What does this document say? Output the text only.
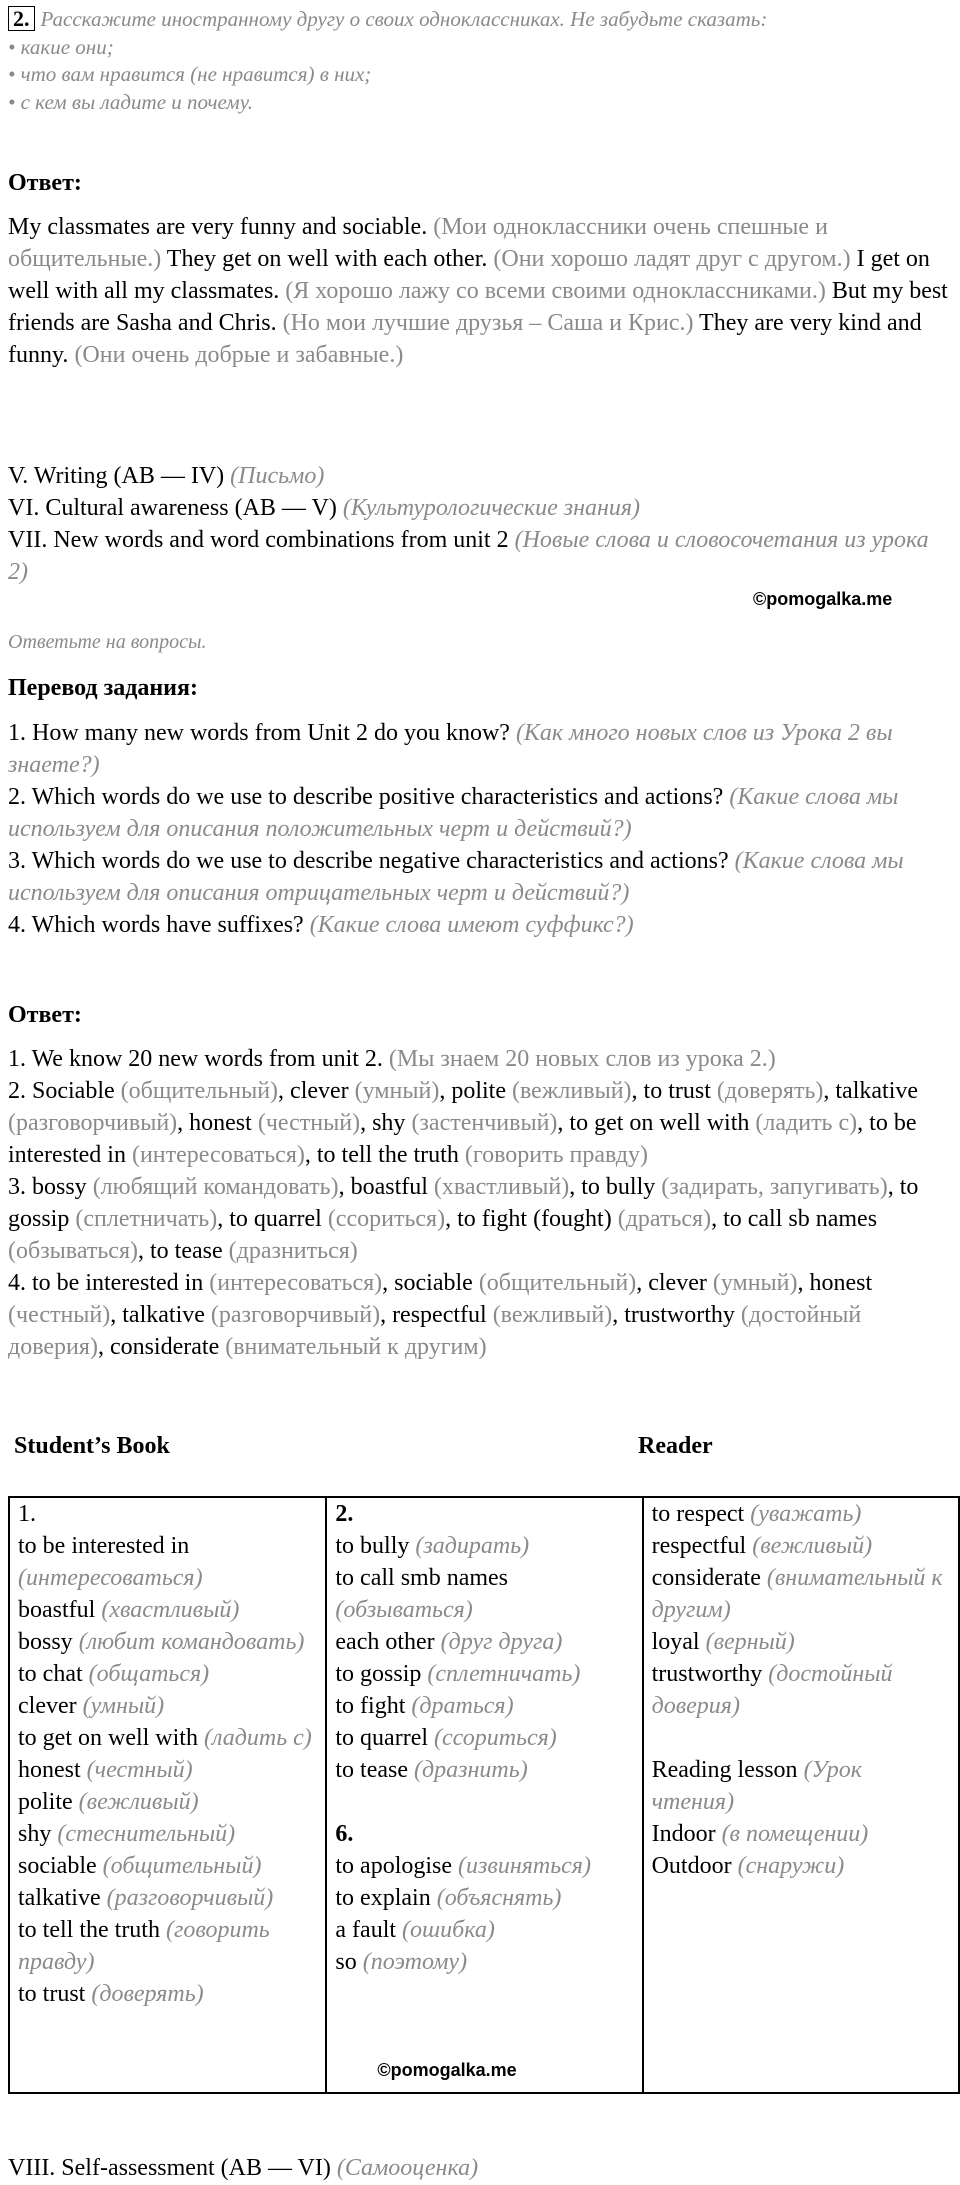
2. Расскажите иностранному другу о своих одноклассниках. Не забудьте сказать:
• какие они;
• что вам нравится (не нравится) в них;
• с кем вы ладите и почему.
Ответ:
My classmates are very funny and sociable. (Мои одноклассники очень спешные и общительные.) They get on well with each other. (Они хорошо ладят друг с другом.) I get on well with all my classmates. (Я хорошо лажу со всеми своими одноклассниками.) But my best friends are Sasha and Chris. (Но мои лучшие друзья – Саша и Крис.) They are very kind and funny. (Они очень добрые и забавные.)
V. Writing (AB — IV) (Письмо)
VI. Cultural awareness (AB — V) (Культурологические знания)
VII. New words and word combinations from unit 2 (Новые слова и словосочетания из урока 2)
©pomogalka.me
Ответьте на вопросы.
Перевод задания:
1. How many new words from Unit 2 do you know? (Как много новых слов из Урока 2 вы знаете?)
2. Which words do we use to describe positive characteristics and actions? (Какие слова мы используем для описания положительных черт и действий?)
3. Which words do we use to describe negative characteristics and actions? (Какие слова мы используем для описания отрицательных черт и действий?)
4. Which words have suffixes? (Какие слова имеют суффикс?)
Ответ:
1. We know 20 new words from unit 2. (Мы знаем 20 новых слов из урока 2.)
2. Sociable (общительный), clever (умный), polite (вежливый), to trust (доверять), talkative (разговорчивый), honest (честный), shy (застенчивый), to get on well with (ладить с), to be interested in (интересоваться), to tell the truth (говорить правду)
3. bossy (любящий командовать), boastful (хвастливый), to bully (задирать, запугивать), to gossip (сплетничать), to quarrel (ссориться), to fight (fought) (драться), to call sb names (обзываться), to tease (дразниться)
4. to be interested in (интересоваться), sociable (общительный), clever (умный), honest (честный), talkative (разговорчивый), respectful (вежливый), trustworthy (достойный доверия), considerate (внимательный к другим)
Student’s Book	Reader
1.
to be interested in (интересоваться)
boastful (хвастливый)
bossy (любит командовать)
to chat (общаться)
clever (умный)
to get on well with (ладить с)
honest (честный)
polite (вежливый)
shy (стеснительный)
sociable (общительный)
talkative (разговорчивый)
to tell the truth (говорить правду)
to trust (доверять)

2.
to bully (задирать)
to call smb names (обзываться)
each other (друг друга)
to gossip (сплетничать)
to fight (драться)
to quarrel (ссориться)
to tease (дразнить)
6.
to apologise (извиняться)
to explain (объяснять)
a fault (ошибка)
so (поэтому)
©pomogalka.me

to respect (уважать)
respectful (вежливый)
considerate (внимательный к другим)
loyal (верный)
trustworthy (достойный доверия)
Reading lesson (Урок чтения)
Indoor (в помещении)
Outdoor (снаружи)
VIII. Self-assessment (AB — VI) (Самооценка)
